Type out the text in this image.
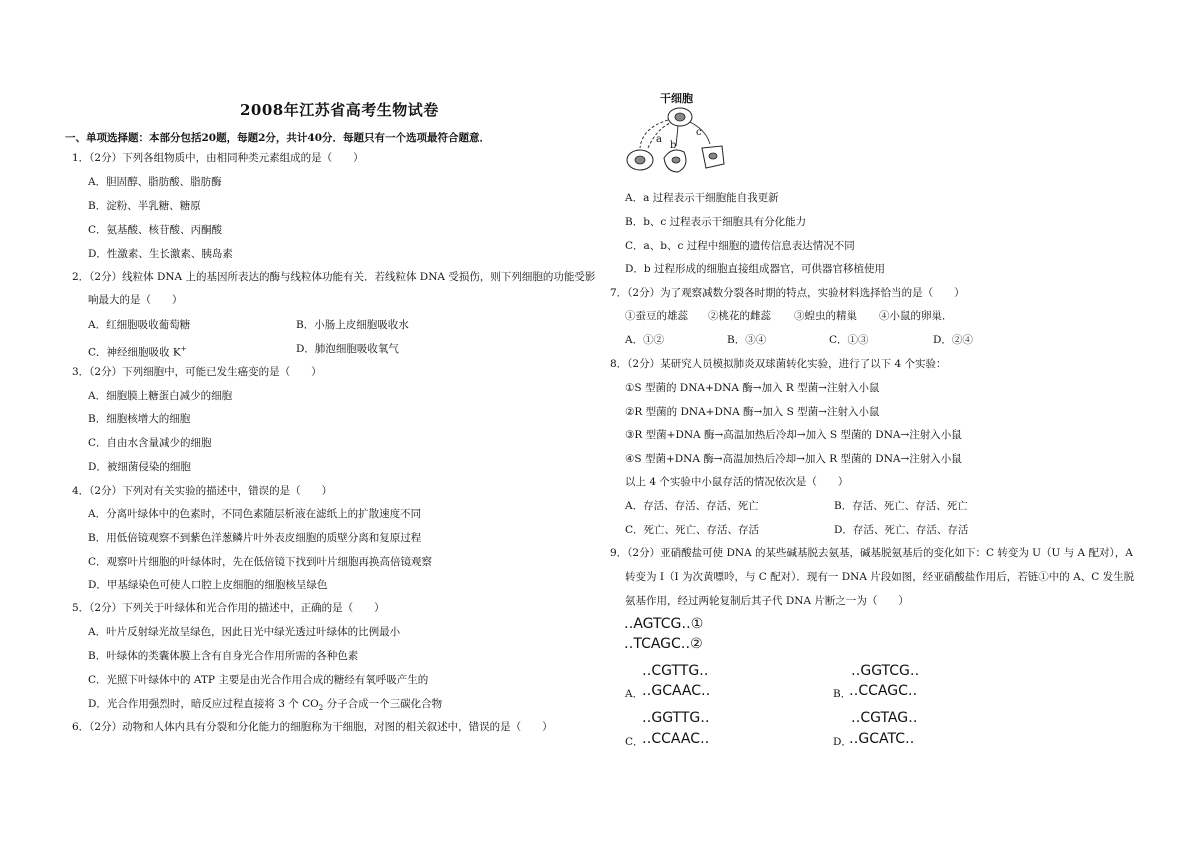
2008年江苏省高考生物试卷
一、单项选择题：本部分包括20题，每题2分，共计40分．每题只有一个选项最符合题意．
1．（2分）下列各组物质中，由相同种类元素组成的是（　　）
A．胆固醇、脂肪酸、脂肪酶
B．淀粉、半乳糖、糖原
C．氨基酸、核苷酸、丙酮酸
D．性激素、生长激素、胰岛素
2．（2分）线粒体 DNA 上的基因所表达的酶与线粒体功能有关．若线粒体 DNA 受损伤，则下列细胞的功能受影
响最大的是（　　）
A．红细胞吸收葡萄糖	B．小肠上皮细胞吸收水
C．神经细胞吸收 K+	D．肺泡细胞吸收氧气
3．（2分）下列细胞中，可能已发生癌变的是（　　）
A．细胞膜上糖蛋白减少的细胞
B．细胞核增大的细胞
C．自由水含量减少的细胞
D．被细菌侵染的细胞
4．（2分）下列对有关实验的描述中，错误的是（　　）
A．分离叶绿体中的色素时，不同色素随层析液在滤纸上的扩散速度不同
B．用低倍镜观察不到紫色洋葱鳞片叶外表皮细胞的质壁分离和复原过程
C．观察叶片细胞的叶绿体时，先在低倍镜下找到叶片细胞再换高倍镜观察
D．甲基绿染色可使人口腔上皮细胞的细胞核呈绿色
5．（2分）下列关于叶绿体和光合作用的描述中，正确的是（　　）
A．叶片反射绿光故呈绿色，因此日光中绿光透过叶绿体的比例最小
B．叶绿体的类囊体膜上含有自身光合作用所需的各种色素
C．光照下叶绿体中的 ATP 主要是由光合作用合成的糖经有氧呼吸产生的
D．光合作用强烈时，暗反应过程直接将 3 个 $CO_2$ 分子合成一个三碳化合物
6．（2分）动物和人体内具有分裂和分化能力的细胞称为干细胞，对图的相关叙述中，错误的是（　　）
干细胞
a
b
c
A．a 过程表示干细胞能自我更新
B．b、c 过程表示干细胞具有分化能力
C．a、b、c 过程中细胞的遗传信息表达情况不同
D．b 过程形成的细胞直接组成器官，可供器官移植使用
7．（2分）为了观察减数分裂各时期的特点，实验材料选择恰当的是（　　）
①蚕豆的雄蕊 ②桃花的雌蕊 ③蝗虫的精巢 ④小鼠的卵巢．
A．①②	B．③④	C．①③	D．②④
8．（2分）某研究人员模拟肺炎双球菌转化实验，进行了以下 4 个实验：
①S 型菌的 DNA+DNA 酶→加入 R 型菌→注射入小鼠
②R 型菌的 DNA+DNA 酶→加入 S 型菌→注射入小鼠
③R 型菌+DNA 酶→高温加热后冷却→加入 S 型菌的 DNA→注射入小鼠
④S 型菌+DNA 酶→高温加热后冷却→加入 R 型菌的 DNA→注射入小鼠
以上 4 个实验中小鼠存活的情况依次是（　　）
A．存活、存活、存活、死亡	B．存活、死亡、存活、死亡
C．死亡、死亡、存活、存活	D．存活、死亡、存活、存活
9．（2分）亚硝酸盐可使 DNA 的某些碱基脱去氨基，碱基脱氨基后的变化如下：C 转变为 U（U 与 A 配对），A
转变为 I（I 为次黄嘌呤，与 C 配对）．现有一 DNA 片段如图，经亚硝酸盐作用后，若链①中的 A、C 发生脱
氨基作用，经过两轮复制后其子代 DNA 片断之一为（　　）
‥AGTCG‥①
‥TCAGC‥②
‥CGTTG‥
A．
‥GCAAC‥
‥GGTCG‥
B．
‥CCAGC‥
‥GGTTG‥
C．
‥CCAAC‥
‥CGTAG‥
D．
‥GCATC‥
